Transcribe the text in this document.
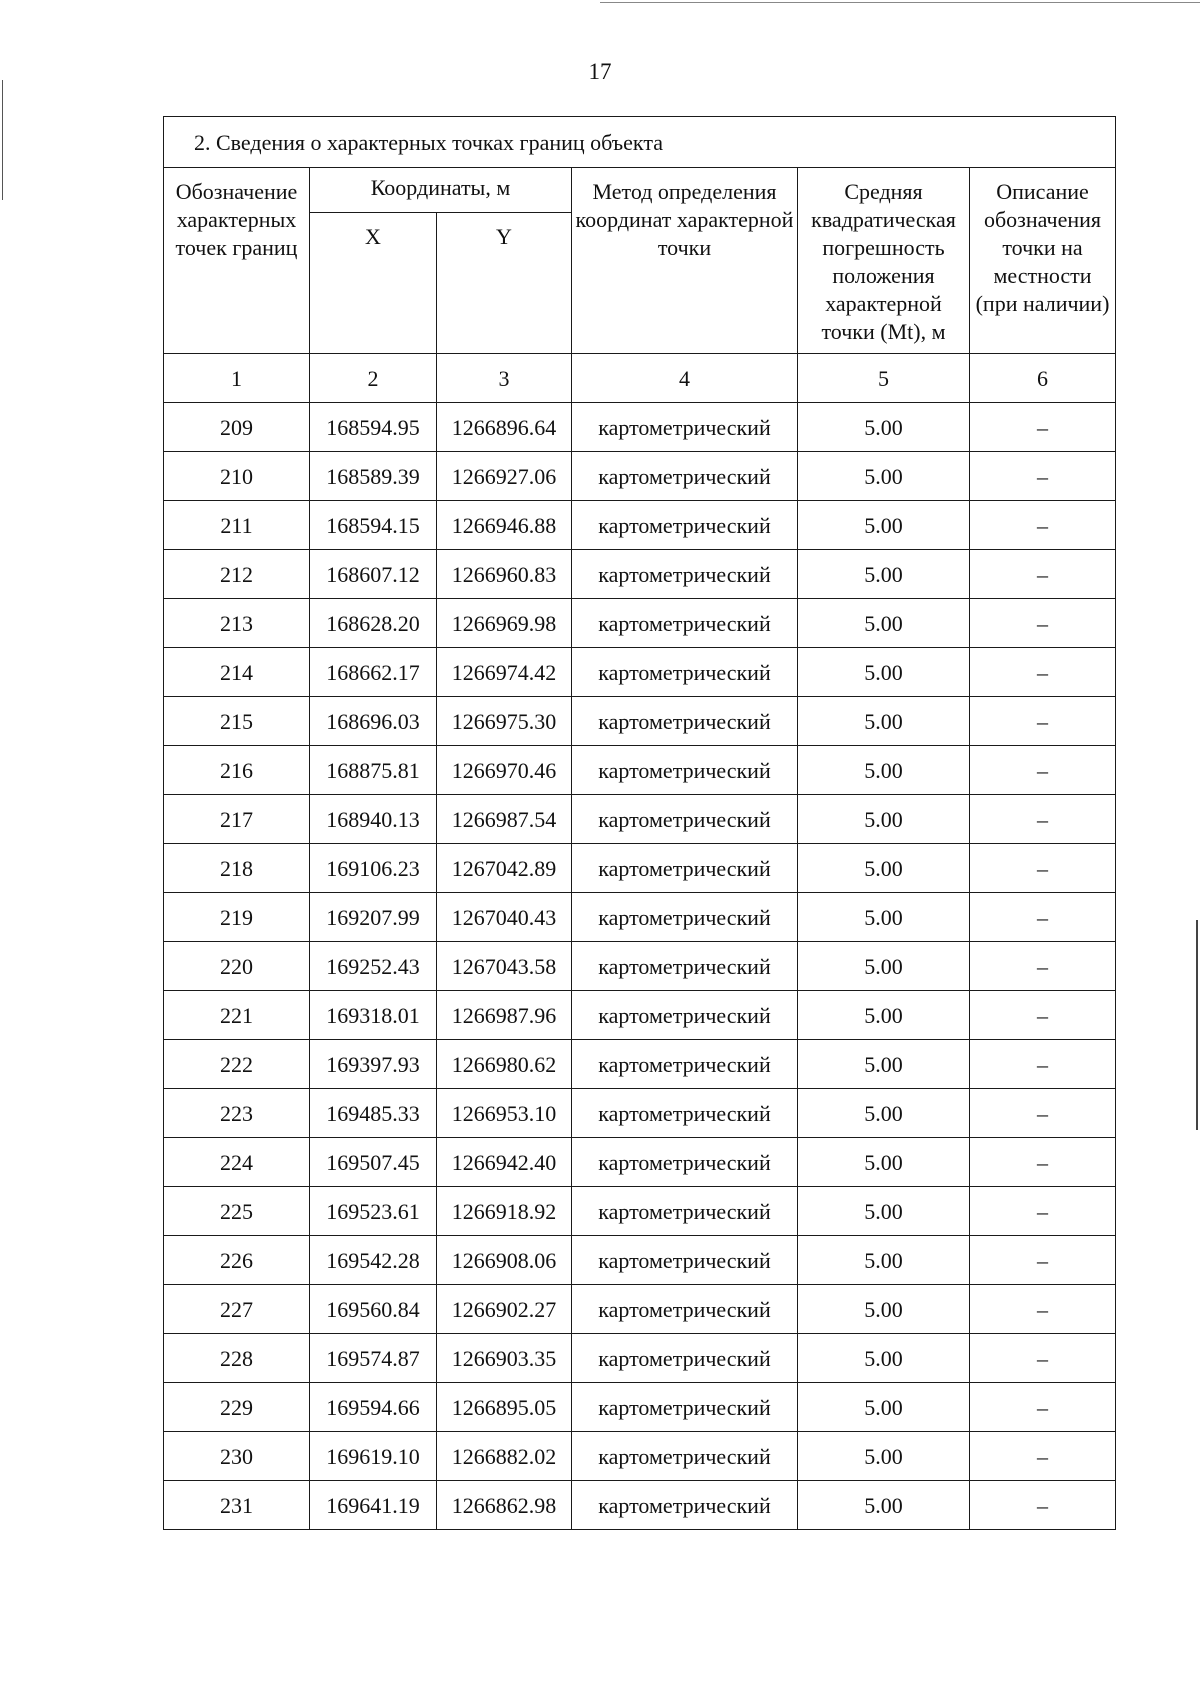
17
2. Сведения о характерных точках границ объекта					
Обозначение характерных точек границ	Координаты, м		Метод определения координат характерной точки	Средняя квадратическая погрешность положения характерной точки (Mt), м	Описание обозначения точки на местности (при наличии)
	X	Y			
1	2	3	4	5	6
209	168594.95	1266896.64	картометрический	5.00	–
210	168589.39	1266927.06	картометрический	5.00	–
211	168594.15	1266946.88	картометрический	5.00	–
212	168607.12	1266960.83	картометрический	5.00	–
213	168628.20	1266969.98	картометрический	5.00	–
214	168662.17	1266974.42	картометрический	5.00	–
215	168696.03	1266975.30	картометрический	5.00	–
216	168875.81	1266970.46	картометрический	5.00	–
217	168940.13	1266987.54	картометрический	5.00	–
218	169106.23	1267042.89	картометрический	5.00	–
219	169207.99	1267040.43	картометрический	5.00	–
220	169252.43	1267043.58	картометрический	5.00	–
221	169318.01	1266987.96	картометрический	5.00	–
222	169397.93	1266980.62	картометрический	5.00	–
223	169485.33	1266953.10	картометрический	5.00	–
224	169507.45	1266942.40	картометрический	5.00	–
225	169523.61	1266918.92	картометрический	5.00	–
226	169542.28	1266908.06	картометрический	5.00	–
227	169560.84	1266902.27	картометрический	5.00	–
228	169574.87	1266903.35	картометрический	5.00	–
229	169594.66	1266895.05	картометрический	5.00	–
230	169619.10	1266882.02	картометрический	5.00	–
231	169641.19	1266862.98	картометрический	5.00	–
